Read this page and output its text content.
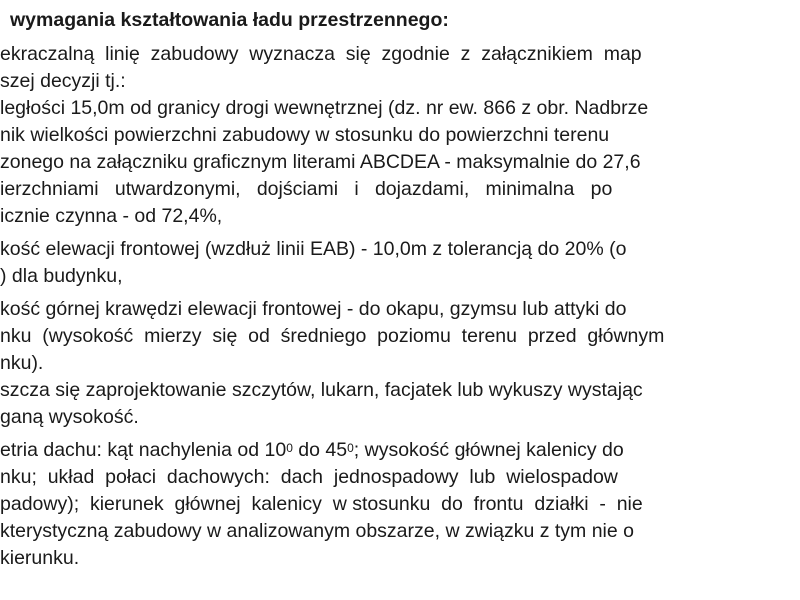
wymagania kształtowania ładu przestrzennego:
ekraczalną  linię  zabudowy  wyznacza  się  zgodnie  z  załącznikiem  map
szej decyzji tj.:
ległości 15,0m od granicy drogi wewnętrznej (dz. nr ew. 866 z obr. Nadbrze
nik wielkości powierzchni zabudowy w stosunku do powierzchni terenu
zonego na załączniku graficznym literami ABCDEA - maksymalnie do 27,6
ierzchniami   utwardzonymi,   dojściami   i   dojazdami,   minimalna   po
icznie czynna - od 72,4%,
kość elewacji frontowej (wzdłuż linii EAB) - 10,0m z tolerancją do 20% (o
) dla budynku,
kość górnej krawędzi elewacji frontowej - do okapu, gzymsu lub attyki do
nku  (wysokość  mierzy  się  od  średniego  poziomu  terenu  przed  głównym
nku).
szcza się zaprojektowanie szczytów, lukarn, facjatek lub wykuszy wystając
ganą wysokość.
etria dachu: kąt nachylenia od $10^0$ do $45^0$; wysokość głównej kalenicy do
nku;  układ  połaci  dachowych:  dach  jednospadowy  lub  wielospadow
padowy);  kierunek  głównej  kalenicy  w stosunku  do  frontu  działki  -  nie
kterystyczną zabudowy w analizowanym obszarze, w związku z tym nie o
kierunku.
